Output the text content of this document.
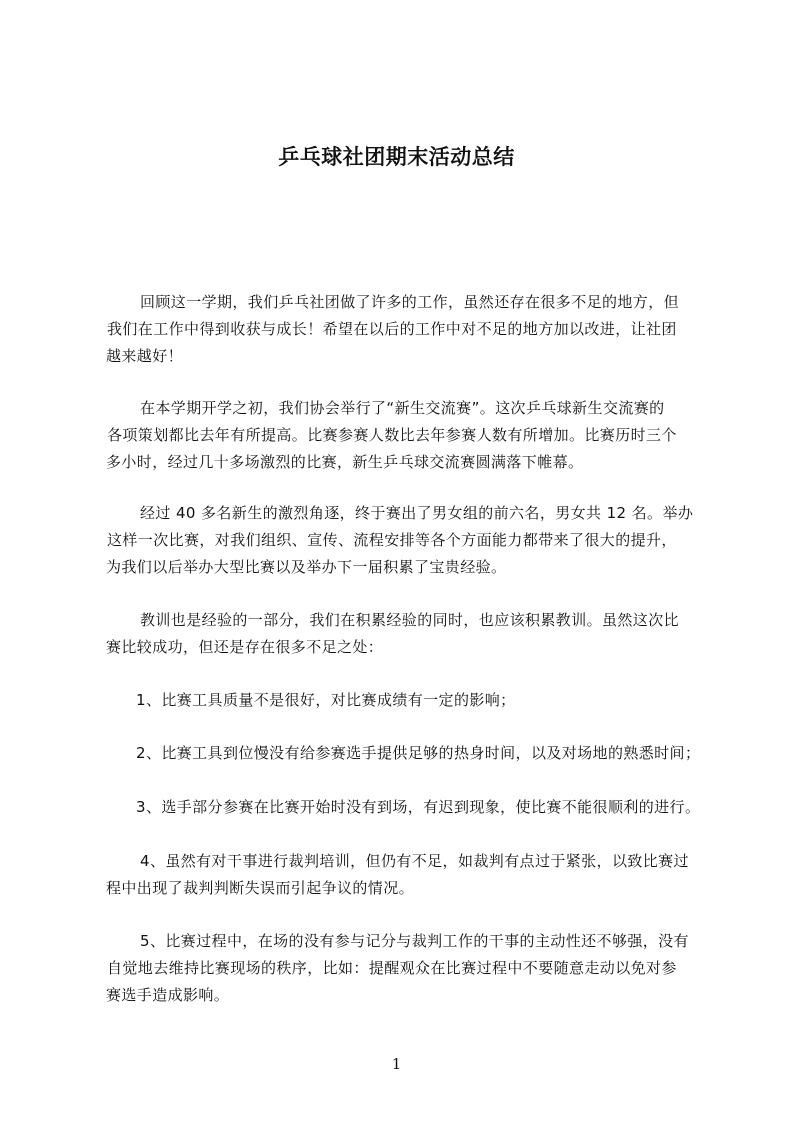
乒乓球社团期末活动总结
回顾这一学期，我们乒乓社团做了许多的工作，虽然还存在很多不足的地方，但
我们在工作中得到收获与成长！希望在以后的工作中对不足的地方加以改进，让社团
越来越好！
在本学期开学之初，我们协会举行了“新生交流赛”。这次乒乓球新生交流赛的
各项策划都比去年有所提高。比赛参赛人数比去年参赛人数有所增加。比赛历时三个
多小时，经过几十多场激烈的比赛，新生乒乓球交流赛圆满落下帷幕。
经过 40 多名新生的激烈角逐，终于赛出了男女组的前六名，男女共 12 名。举办
这样一次比赛，对我们组织、宣传、流程安排等各个方面能力都带来了很大的提升，
为我们以后举办大型比赛以及举办下一届积累了宝贵经验。
教训也是经验的一部分，我们在积累经验的同时，也应该积累教训。虽然这次比
赛比较成功，但还是存在很多不足之处：
1、比赛工具质量不是很好，对比赛成绩有一定的影响；
2、比赛工具到位慢没有给参赛选手提供足够的热身时间，以及对场地的熟悉时间；
3、选手部分参赛在比赛开始时没有到场，有迟到现象，使比赛不能很顺利的进行。
4、虽然有对干事进行裁判培训，但仍有不足，如裁判有点过于紧张，以致比赛过
程中出现了裁判判断失误而引起争议的情况。
5、比赛过程中，在场的没有参与记分与裁判工作的干事的主动性还不够强，没有
自觉地去维持比赛现场的秩序，比如：提醒观众在比赛过程中不要随意走动以免对参
赛选手造成影响。
1
